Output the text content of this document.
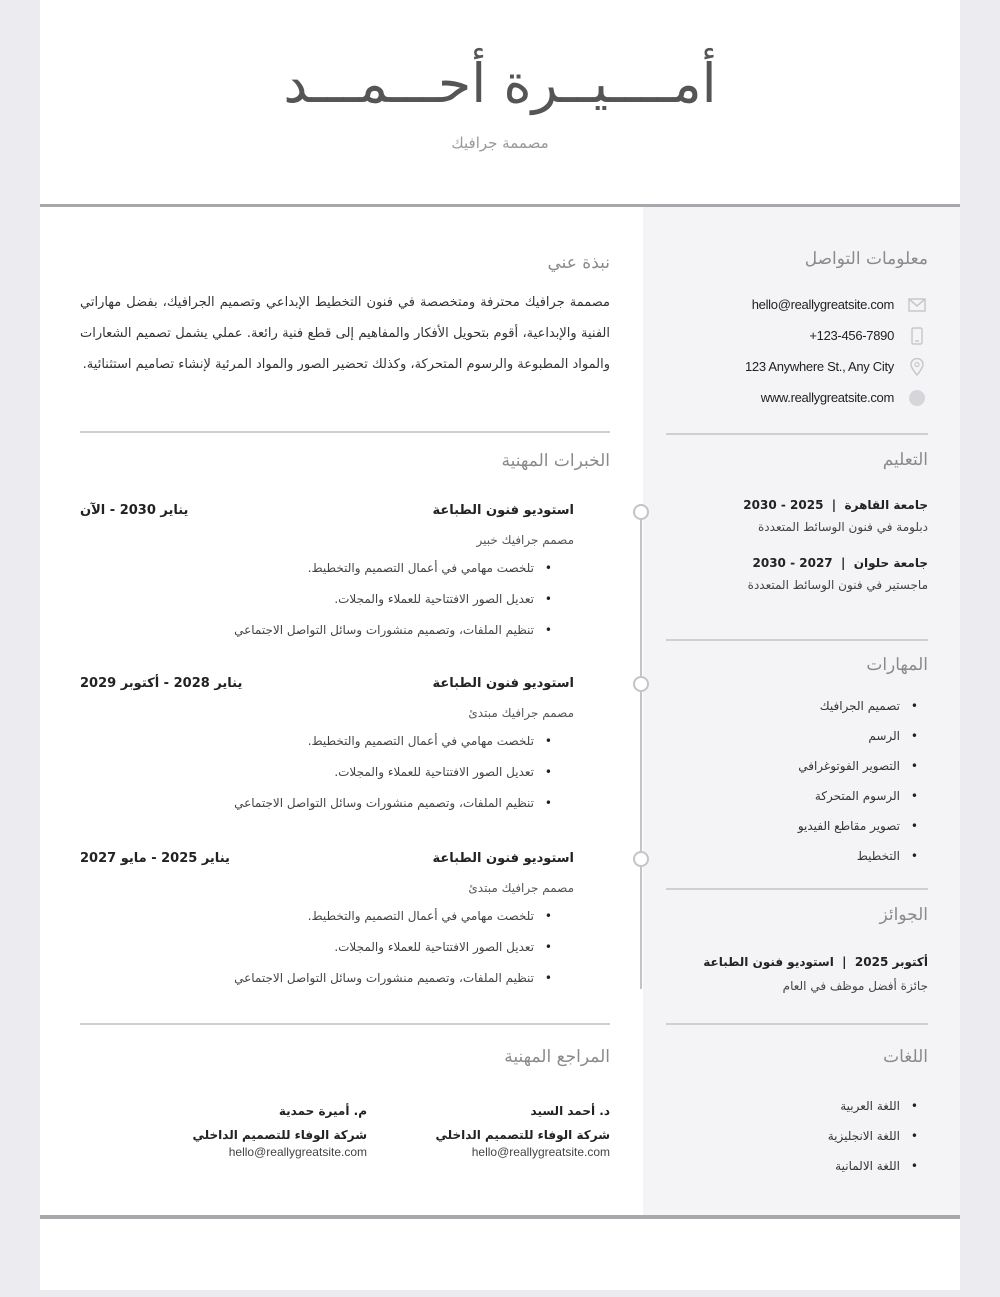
أمــــيــرة أحـــمـــد
مصممة جرافيك
معلومات التواصل
hello@reallygreatsite.com
+123-456-7890
123 Anywhere St., Any City
www.reallygreatsite.com
التعليم
جامعة القاهرة  |  2025 - 2030
دبلومة في فنون الوسائط المتعددة
جامعة حلوان  |  2027 - 2030
ماجستير في فنون الوسائط المتعددة
المهارات
• تصميم الجرافيك
• الرسم
• التصوير الفوتوغرافي
• الرسوم المتحركة
• تصوير مقاطع الفيديو
• التخطيط
الجوائز
أكتوبر 2025  |  استوديو فنون الطباعة
جائزة أفضل موظف في العام
اللغات
• اللغة العربية
• اللغة الانجليزية
• اللغة الالمانية
نبذة عني

مصممة جرافيك محترفة ومتخصصة في فنون التخطيط الإبداعي وتصميم الجرافيك، بفضل مهاراتي الفنية والإبداعية، أقوم بتحويل الأفكار والمفاهيم إلى قطع فنية رائعة. عملي يشمل تصميم الشعارات والمواد المطبوعة والرسوم المتحركة، وكذلك تحضير الصور والمواد المرئية لإنشاء تصاميم استثنائية.

الخبرات المهنية
استوديو فنون الطباعة
يناير 2030 - الآن
مصمم جرافيك خبير
• تلخصت مهامي في أعمال التصميم والتخطيط.
• تعديل الصور الافتتاحية للعملاء والمجلات.
• تنظيم الملفات، وتصميم منشورات وسائل التواصل الاجتماعي
استوديو فنون الطباعة
يناير 2028 - أكتوبر 2029
مصمم جرافيك مبتدئ
• تلخصت مهامي في أعمال التصميم والتخطيط.
• تعديل الصور الافتتاحية للعملاء والمجلات.
• تنظيم الملفات، وتصميم منشورات وسائل التواصل الاجتماعي
استوديو فنون الطباعة
يناير 2025 - مايو 2027
مصمم جرافيك مبتدئ
• تلخصت مهامي في أعمال التصميم والتخطيط.
• تعديل الصور الافتتاحية للعملاء والمجلات.
• تنظيم الملفات، وتصميم منشورات وسائل التواصل الاجتماعي
المراجع المهنية
د. أحمد السيد
شركة الوفاء للتصميم الداخلي
hello@reallygreatsite.com
م. أميرة حمدية
شركة الوفاء للتصميم الداخلي
hello@reallygreatsite.com
